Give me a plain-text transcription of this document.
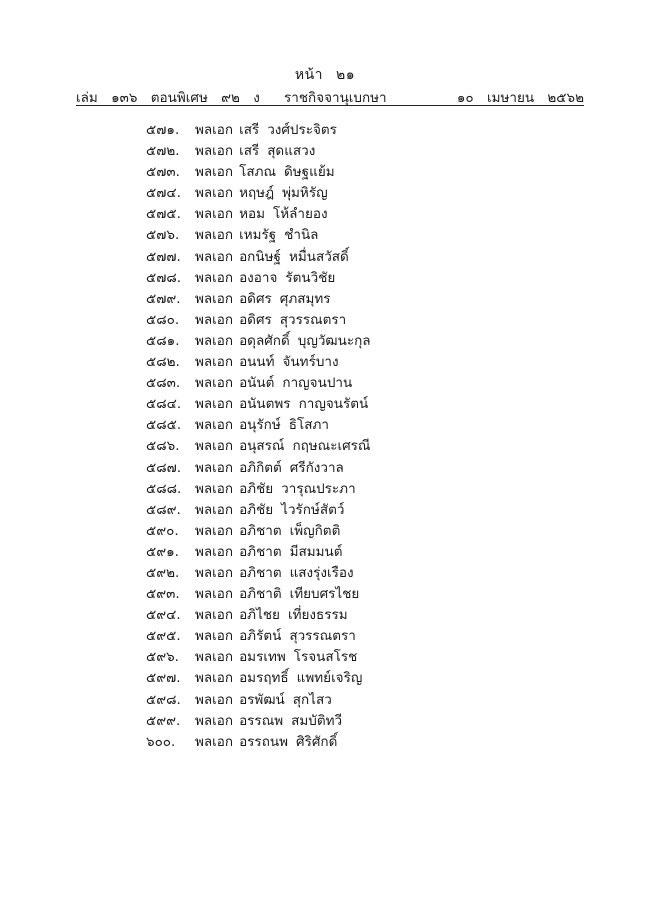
หน้า ๒๑
เล่ม ๑๓๖ ตอนพิเศษ ๙๒ ง	ราชกิจจานุเบกษา	๑๐ เมษายน ๒๕๖๒
๕๗๑. พลเอก เสรี วงศ์ประจิตร
๕๗๒. พลเอก เสรี สุดแสวง
๕๗๓. พลเอก โสภณ ดิษฐแย้ม
๕๗๔. พลเอก หฤษฎ์ พุ่มหิรัญ
๕๗๕. พลเอก หอม โห้ลำยอง
๕๗๖. พลเอก เหมรัฐ ชำนิล
๕๗๗. พลเอก อกนิษฐ์ หมื่นสวัสดิ์
๕๗๘. พลเอก องอาจ รัตนวิชัย
๕๗๙. พลเอก อดิศร ศุภสมุทร
๕๘๐. พลเอก อดิศร สุวรรณตรา
๕๘๑. พลเอก อดุลศักดิ์ บุญวัฒนะกุล
๕๘๒. พลเอก อนนท์ จันทร์บาง
๕๘๓. พลเอก อนันต์ กาญจนปาน
๕๘๔. พลเอก อนันตพร กาญจนรัตน์
๕๘๕. พลเอก อนุรักษ์ ธิโสภา
๕๘๖. พลเอก อนุสรณ์ กฤษณะเศรณี
๕๘๗. พลเอก อภิกิตต์ ศรีกังวาล
๕๘๘. พลเอก อภิชัย วารุณประภา
๕๘๙. พลเอก อภิชัย ไวรักษ์สัตว์
๕๙๐. พลเอก อภิชาต เพ็ญกิตติ
๕๙๑. พลเอก อภิชาต มีสมมนต์
๕๙๒. พลเอก อภิชาต แสงรุ่งเรือง
๕๙๓. พลเอก อภิชาติ เทียบศรไชย
๕๙๔. พลเอก อภิไชย เที่ยงธรรม
๕๙๕. พลเอก อภิรัตน์ สุวรรณตรา
๕๙๖. พลเอก อมรเทพ โรจนสโรช
๕๙๗. พลเอก อมรฤทธิ์ แพทย์เจริญ
๕๙๘. พลเอก อรพัฒน์ สุกไสว
๕๙๙. พลเอก อรรณพ สมบัติทวี
๖๐๐. พลเอก อรรถนพ ศิริศักดิ์
